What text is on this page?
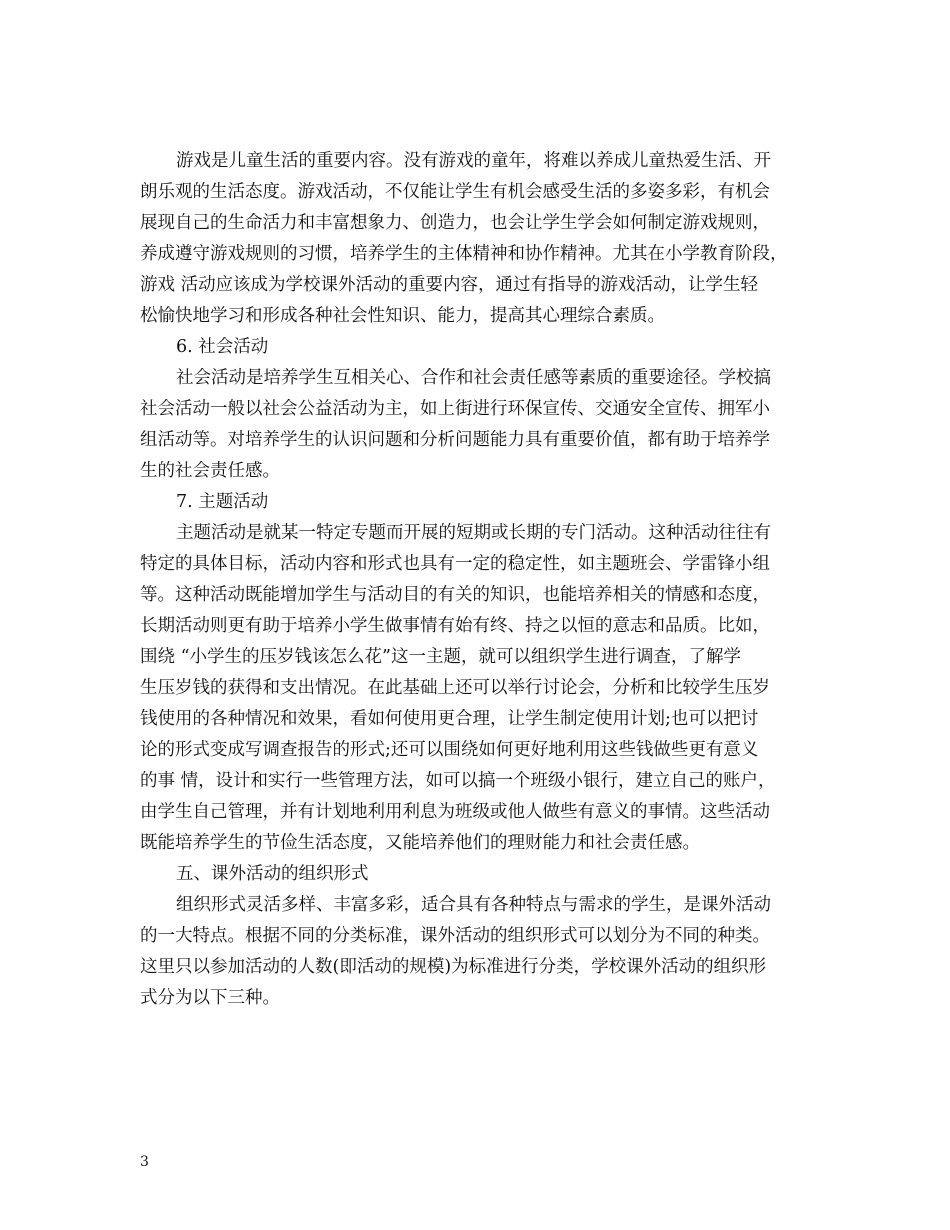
游戏是儿童生活的重要内容。没有游戏的童年，将难以养成儿童热爱生活、开
朗乐观的生活态度。游戏活动，不仅能让学生有机会感受生活的多姿多彩，有机会
展现自己的生命活力和丰富想象力、创造力，也会让学生学会如何制定游戏规则，
养成遵守游戏规则的习惯，培养学生的主体精神和协作精神。尤其在小学教育阶段，
游戏 活动应该成为学校课外活动的重要内容，通过有指导的游戏活动，让学生轻
松愉快地学习和形成各种社会性知识、能力，提高其心理综合素质。
6. 社会活动
社会活动是培养学生互相关心、合作和社会责任感等素质的重要途径。学校搞
社会活动一般以社会公益活动为主，如上街进行环保宣传、交通安全宣传、拥军小
组活动等。对培养学生的认识问题和分析问题能力具有重要价值，都有助于培养学
生的社会责任感。
7. 主题活动
主题活动是就某一特定专题而开展的短期或长期的专门活动。这种活动往往有
特定的具体目标，活动内容和形式也具有一定的稳定性，如主题班会、学雷锋小组
等。这种活动既能增加学生与活动目的有关的知识，也能培养相关的情感和态度，
长期活动则更有助于培养小学生做事情有始有终、持之以恒的意志和品质。比如，
围绕 “小学生的压岁钱该怎么花”这一主题，就可以组织学生进行调查，了解学
生压岁钱的获得和支出情况。在此基础上还可以举行讨论会，分析和比较学生压岁
钱使用的各种情况和效果，看如何使用更合理，让学生制定使用计划;也可以把讨
论的形式变成写调查报告的形式;还可以围绕如何更好地利用这些钱做些更有意义
的事 情，设计和实行一些管理方法，如可以搞一个班级小银行，建立自己的账户，
由学生自己管理，并有计划地利用利息为班级或他人做些有意义的事情。这些活动
既能培养学生的节俭生活态度，又能培养他们的理财能力和社会责任感。
五、课外活动的组织形式
组织形式灵活多样、丰富多彩，适合具有各种特点与需求的学生，是课外活动
的一大特点。根据不同的分类标准，课外活动的组织形式可以划分为不同的种类。
这里只以参加活动的人数(即活动的规模)为标准进行分类，学校课外活动的组织形
式分为以下三种。
3
